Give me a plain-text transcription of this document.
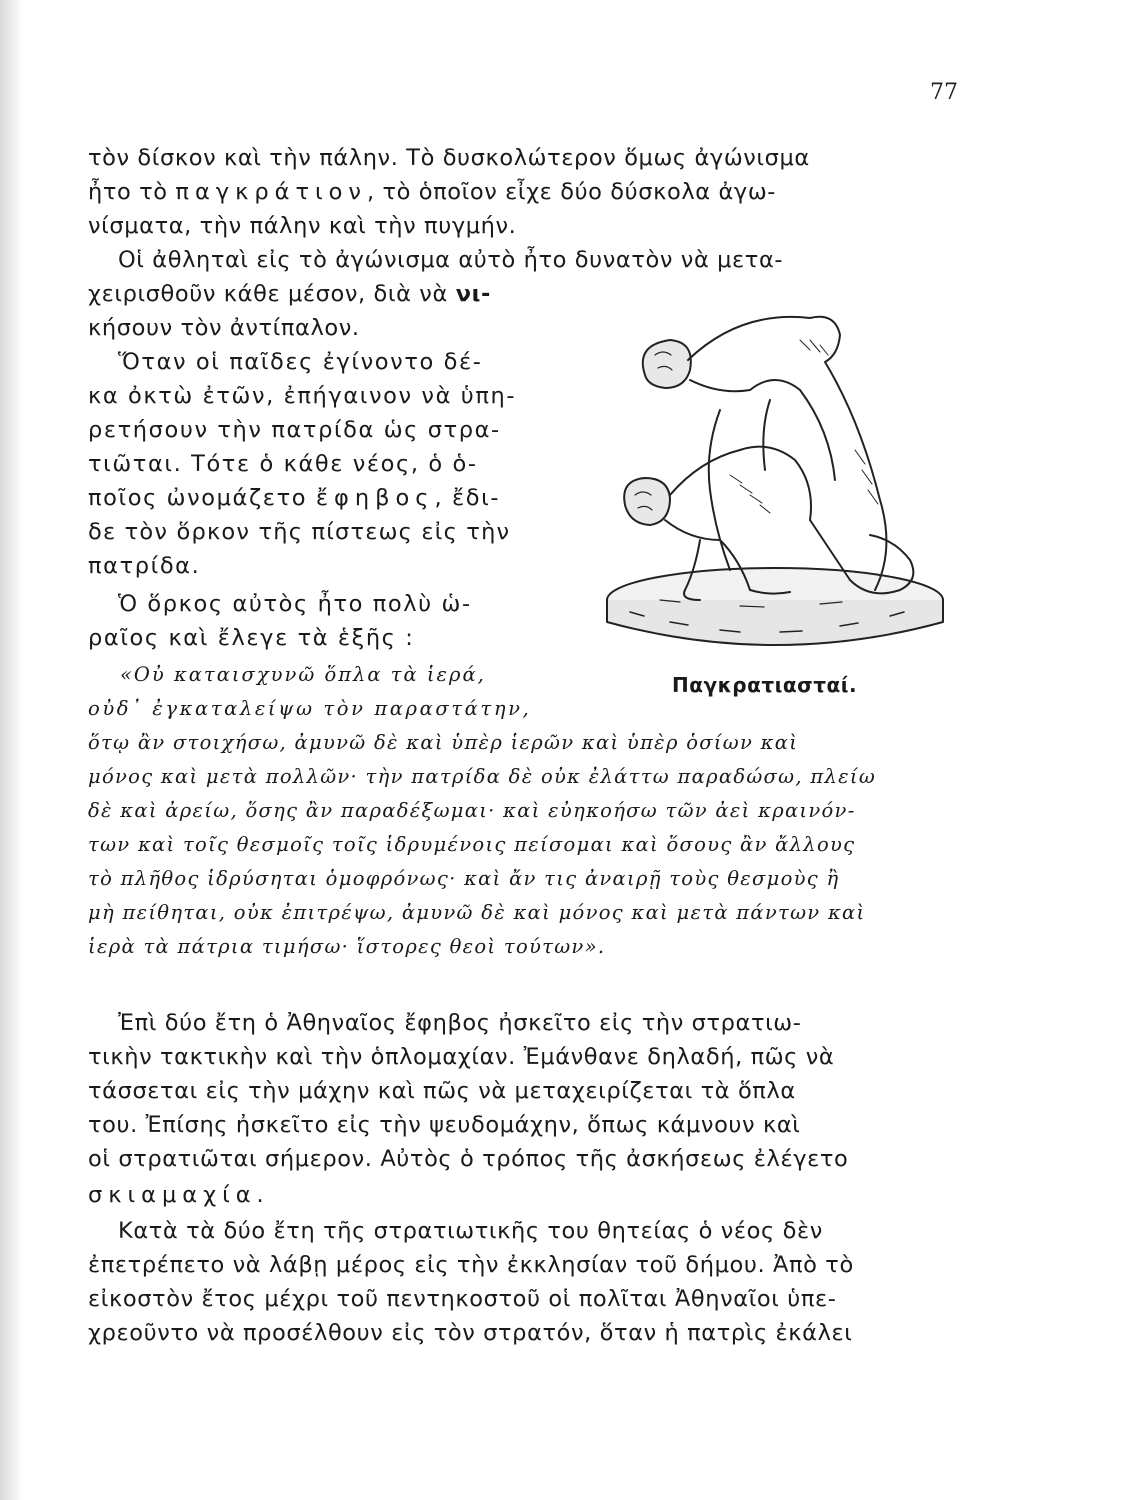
77
τὸν δίσκον καὶ τὴν πάλην. Τὸ δυσκολώτερον ὅμως ἀγώνισμα
ἦτο τὸ παγκράτιον, τὸ ὁποῖον εἶχε δύο δύσκολα ἀγω-
νίσματα, τὴν πάλην καὶ τὴν πυγμήν.
Οἱ ἀθληταὶ εἰς τὸ ἀγώνισμα αὐτὸ ἦτο δυνατὸν νὰ μετα-
χειρισθοῦν κάθε μέσον, διὰ νὰ νι-
κήσουν τὸν ἀντίπαλον.
Ὅταν οἱ παῖδες ἐγίνοντο δέ-
κα ὀκτὼ ἐτῶν, ἐπήγαινον νὰ ὑπη-
ρετήσουν τὴν πατρίδα ὡς στρα-
τιῶται. Τότε ὁ κάθε νέος, ὁ ὁ-
ποῖος ὠνομάζετο ἔφηβος, ἔδι-
δε τὸν ὅρκον τῆς πίστεως εἰς τὴν
πατρίδα.
Ὁ ὅρκος αὐτὸς ἦτο πολὺ ὡ-
ραῖος καὶ ἔλεγε τὰ ἑξῆς :
«Οὐ καταισχυνῶ ὅπλα τὰ ἱερά,
οὐδ᾿ ἐγκαταλείψω τὸν παραστάτην,
ὅτῳ ἂν στοιχήσω, ἀμυνῶ δὲ καὶ ὑπὲρ ἱερῶν καὶ ὑπὲρ ὁσίων καὶ
μόνος καὶ μετὰ πολλῶν· τὴν πατρίδα δὲ οὐκ ἐλάττω παραδώσω, πλείω
δὲ καὶ ἀρείω, ὅσης ἂν παραδέξωμαι· καὶ εὐηκοήσω τῶν ἀεὶ κραινόν-
των καὶ τοῖς θεσμοῖς τοῖς ἱδρυμένοις πείσομαι καὶ ὅσους ἂν ἄλλους
τὸ πλῆθος ἱδρύσηται ὁμοφρόνως· καὶ ἄν τις ἀναιρῇ τοὺς θεσμοὺς ἢ
μὴ πείθηται, οὐκ ἐπιτρέψω, ἀμυνῶ δὲ καὶ μόνος καὶ μετὰ πάντων καὶ
ἱερὰ τὰ πάτρια τιμήσω· ἵστορες θεοὶ τούτων».
Ἐπὶ δύο ἔτη ὁ Ἀθηναῖος ἔφηβος ἠσκεῖτο εἰς τὴν στρατιω-
τικὴν τακτικὴν καὶ τὴν ὁπλομαχίαν. Ἐμάνθανε δηλαδή, πῶς νὰ
τάσσεται εἰς τὴν μάχην καὶ πῶς νὰ μεταχειρίζεται τὰ ὅπλα
του. Ἐπίσης ἠσκεῖτο εἰς τὴν ψευδομάχην, ὅπως κάμνουν καὶ
οἱ στρατιῶται σήμερον. Αὐτὸς ὁ τρόπος τῆς ἀσκήσεως ἐλέγετο
σκιαμαχία.
Κατὰ τὰ δύο ἔτη τῆς στρατιωτικῆς του θητείας ὁ νέος δὲν
ἐπετρέπετο νὰ λάβῃ μέρος εἰς τὴν ἐκκλησίαν τοῦ δήμου. Ἀπὸ τὸ
εἰκοστὸν ἔτος μέχρι τοῦ πεντηκοστοῦ οἱ πολῖται Ἀθηναῖοι ὑπε-
χρεοῦντο νὰ προσέλθουν εἰς τὸν στρατόν, ὅταν ἡ πατρὶς ἐκάλει
Παγκρατιασταί.
